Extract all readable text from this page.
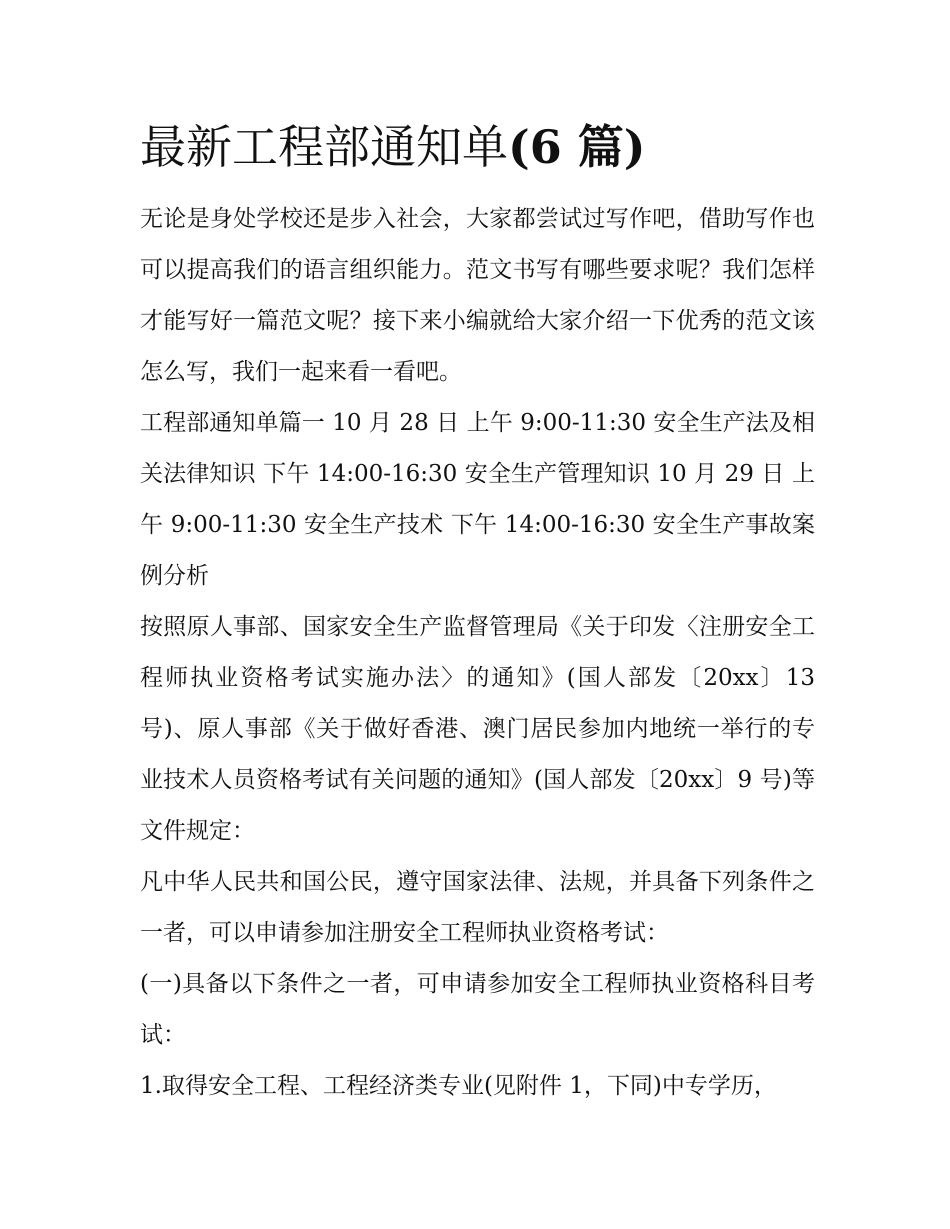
最新工程部通知单(6 篇)

无论是身处学校还是步入社会，大家都尝试过写作吧，借助写作也可以提高我们的语言组织能力。范文书写有哪些要求呢？我们怎样才能写好一篇范文呢？接下来小编就给大家介绍一下优秀的范文该怎么写，我们一起来看一看吧。

工程部通知单篇一 10 月 28 日 上午 9:00-11:30 安全生产法及相关法律知识 下午 14:00-16:30 安全生产管理知识 10 月 29 日 上午 9:00-11:30 安全生产技术 下午 14:00-16:30 安全生产事故案例分析

按照原人事部、国家安全生产监督管理局《关于印发〈注册安全工程师执业资格考试实施办法〉的通知》(国人部发〔20xx〕13 号)、原人事部《关于做好香港、澳门居民参加内地统一举行的专业技术人员资格考试有关问题的通知》(国人部发〔20xx〕9 号)等文件规定：

凡中华人民共和国公民，遵守国家法律、法规，并具备下列条件之一者，可以申请参加注册安全工程师执业资格考试：

(一)具备以下条件之一者，可申请参加安全工程师执业资格科目考试：

1.取得安全工程、工程经济类专业(见附件 1，下同)中专学历，
